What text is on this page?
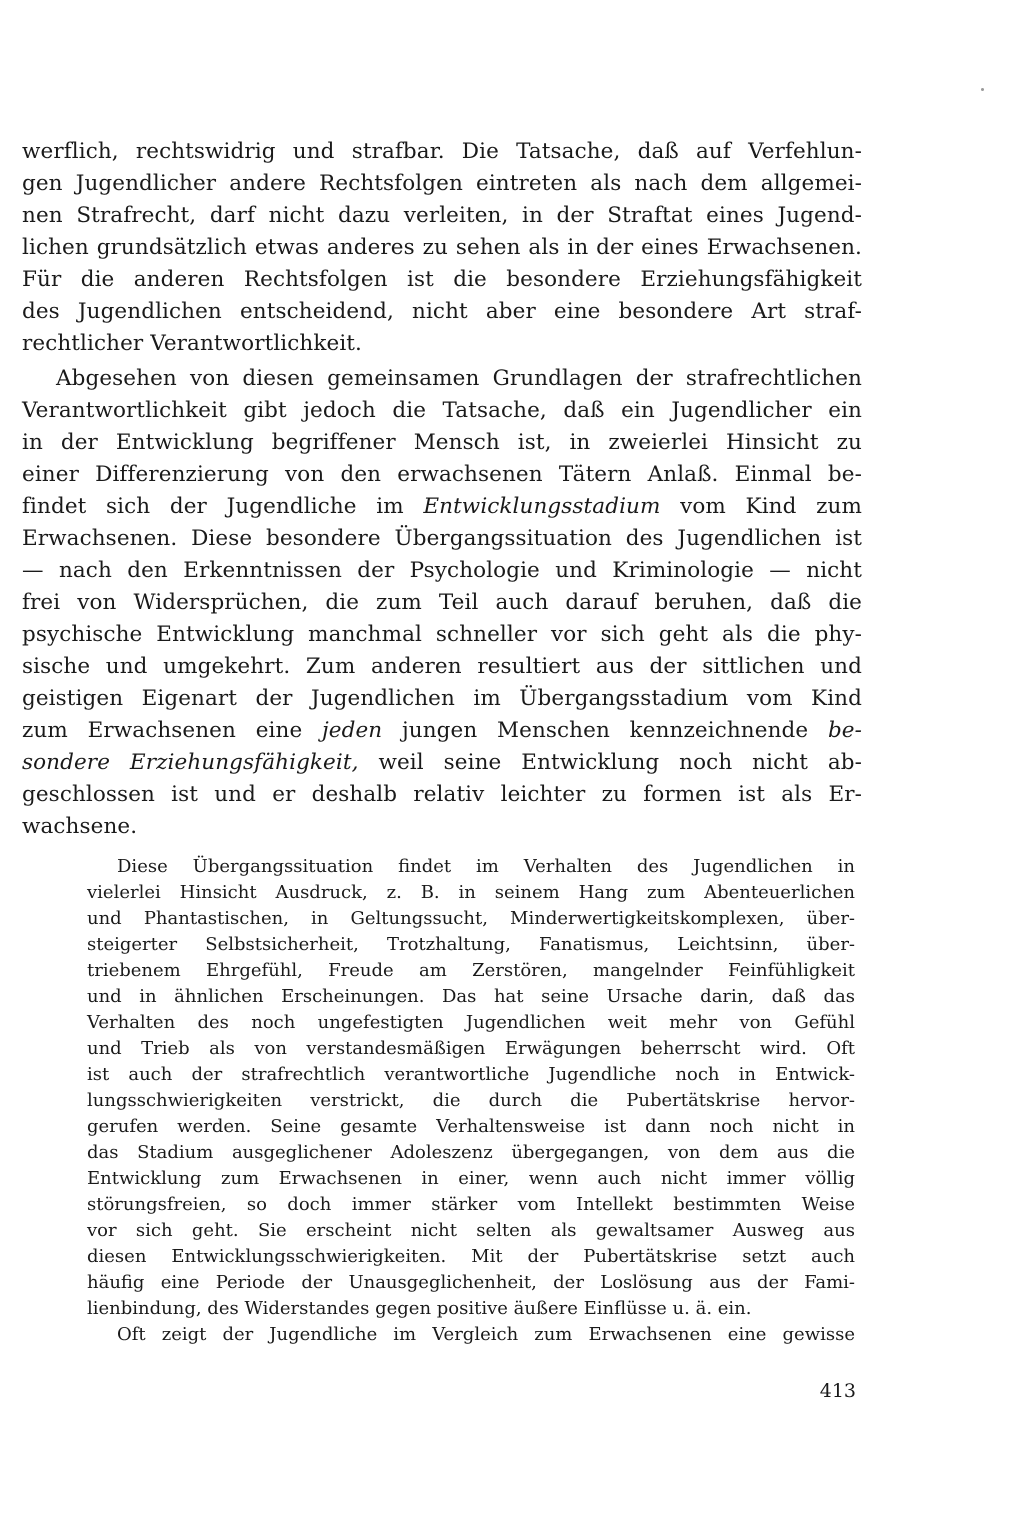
werflich, rechtswidrig und strafbar. Die Tatsache, daß auf Verfehlun-
gen Jugendlicher andere Rechtsfolgen eintreten als nach dem allgemei-
nen Strafrecht, darf nicht dazu verleiten, in der Straftat eines Jugend-
lichen grundsätzlich etwas anderes zu sehen als in der eines Erwachsenen.
Für die anderen Rechtsfolgen ist die besondere Erziehungsfähigkeit
des Jugendlichen entscheidend, nicht aber eine besondere Art straf-
rechtlicher Verantwortlichkeit.
Abgesehen von diesen gemeinsamen Grundlagen der strafrechtlichen
Verantwortlichkeit gibt jedoch die Tatsache, daß ein Jugendlicher ein
in der Entwicklung begriffener Mensch ist, in zweierlei Hinsicht zu
einer Differenzierung von den erwachsenen Tätern Anlaß. Einmal be-
findet sich der Jugendliche im Entwicklungsstadium vom Kind zum
Erwachsenen. Diese besondere Übergangssituation des Jugendlichen ist
— nach den Erkenntnissen der Psychologie und Kriminologie — nicht
frei von Widersprüchen, die zum Teil auch darauf beruhen, daß die
psychische Entwicklung manchmal schneller vor sich geht als die phy-
sische und umgekehrt. Zum anderen resultiert aus der sittlichen und
geistigen Eigenart der Jugendlichen im Übergangsstadium vom Kind
zum Erwachsenen eine jeden jungen Menschen kennzeichnende be-
sondere Erziehungsfähigkeit, weil seine Entwicklung noch nicht ab-
geschlossen ist und er deshalb relativ leichter zu formen ist als Er-
wachsene.
Diese Übergangssituation findet im Verhalten des Jugendlichen in
vielerlei Hinsicht Ausdruck, z. B. in seinem Hang zum Abenteuerlichen
und Phantastischen, in Geltungssucht, Minderwertigkeitskomplexen, über-
steigerter Selbstsicherheit, Trotzhaltung, Fanatismus, Leichtsinn, über-
triebenem Ehrgefühl, Freude am Zerstören, mangelnder Feinfühligkeit
und in ähnlichen Erscheinungen. Das hat seine Ursache darin, daß das
Verhalten des noch ungefestigten Jugendlichen weit mehr von Gefühl
und Trieb als von verstandesmäßigen Erwägungen beherrscht wird. Oft
ist auch der strafrechtlich verantwortliche Jugendliche noch in Entwick-
lungsschwierigkeiten verstrickt, die durch die Pubertätskrise hervor-
gerufen werden. Seine gesamte Verhaltensweise ist dann noch nicht in
das Stadium ausgeglichener Adoleszenz übergegangen, von dem aus die
Entwicklung zum Erwachsenen in einer, wenn auch nicht immer völlig
störungsfreien, so doch immer stärker vom Intellekt bestimmten Weise
vor sich geht. Sie erscheint nicht selten als gewaltsamer Ausweg aus
diesen Entwicklungsschwierigkeiten. Mit der Pubertätskrise setzt auch
häufig eine Periode der Unausgeglichenheit, der Loslösung aus der Fami-
lienbindung, des Widerstandes gegen positive äußere Einflüsse u. ä. ein.
Oft zeigt der Jugendliche im Vergleich zum Erwachsenen eine gewisse
413
